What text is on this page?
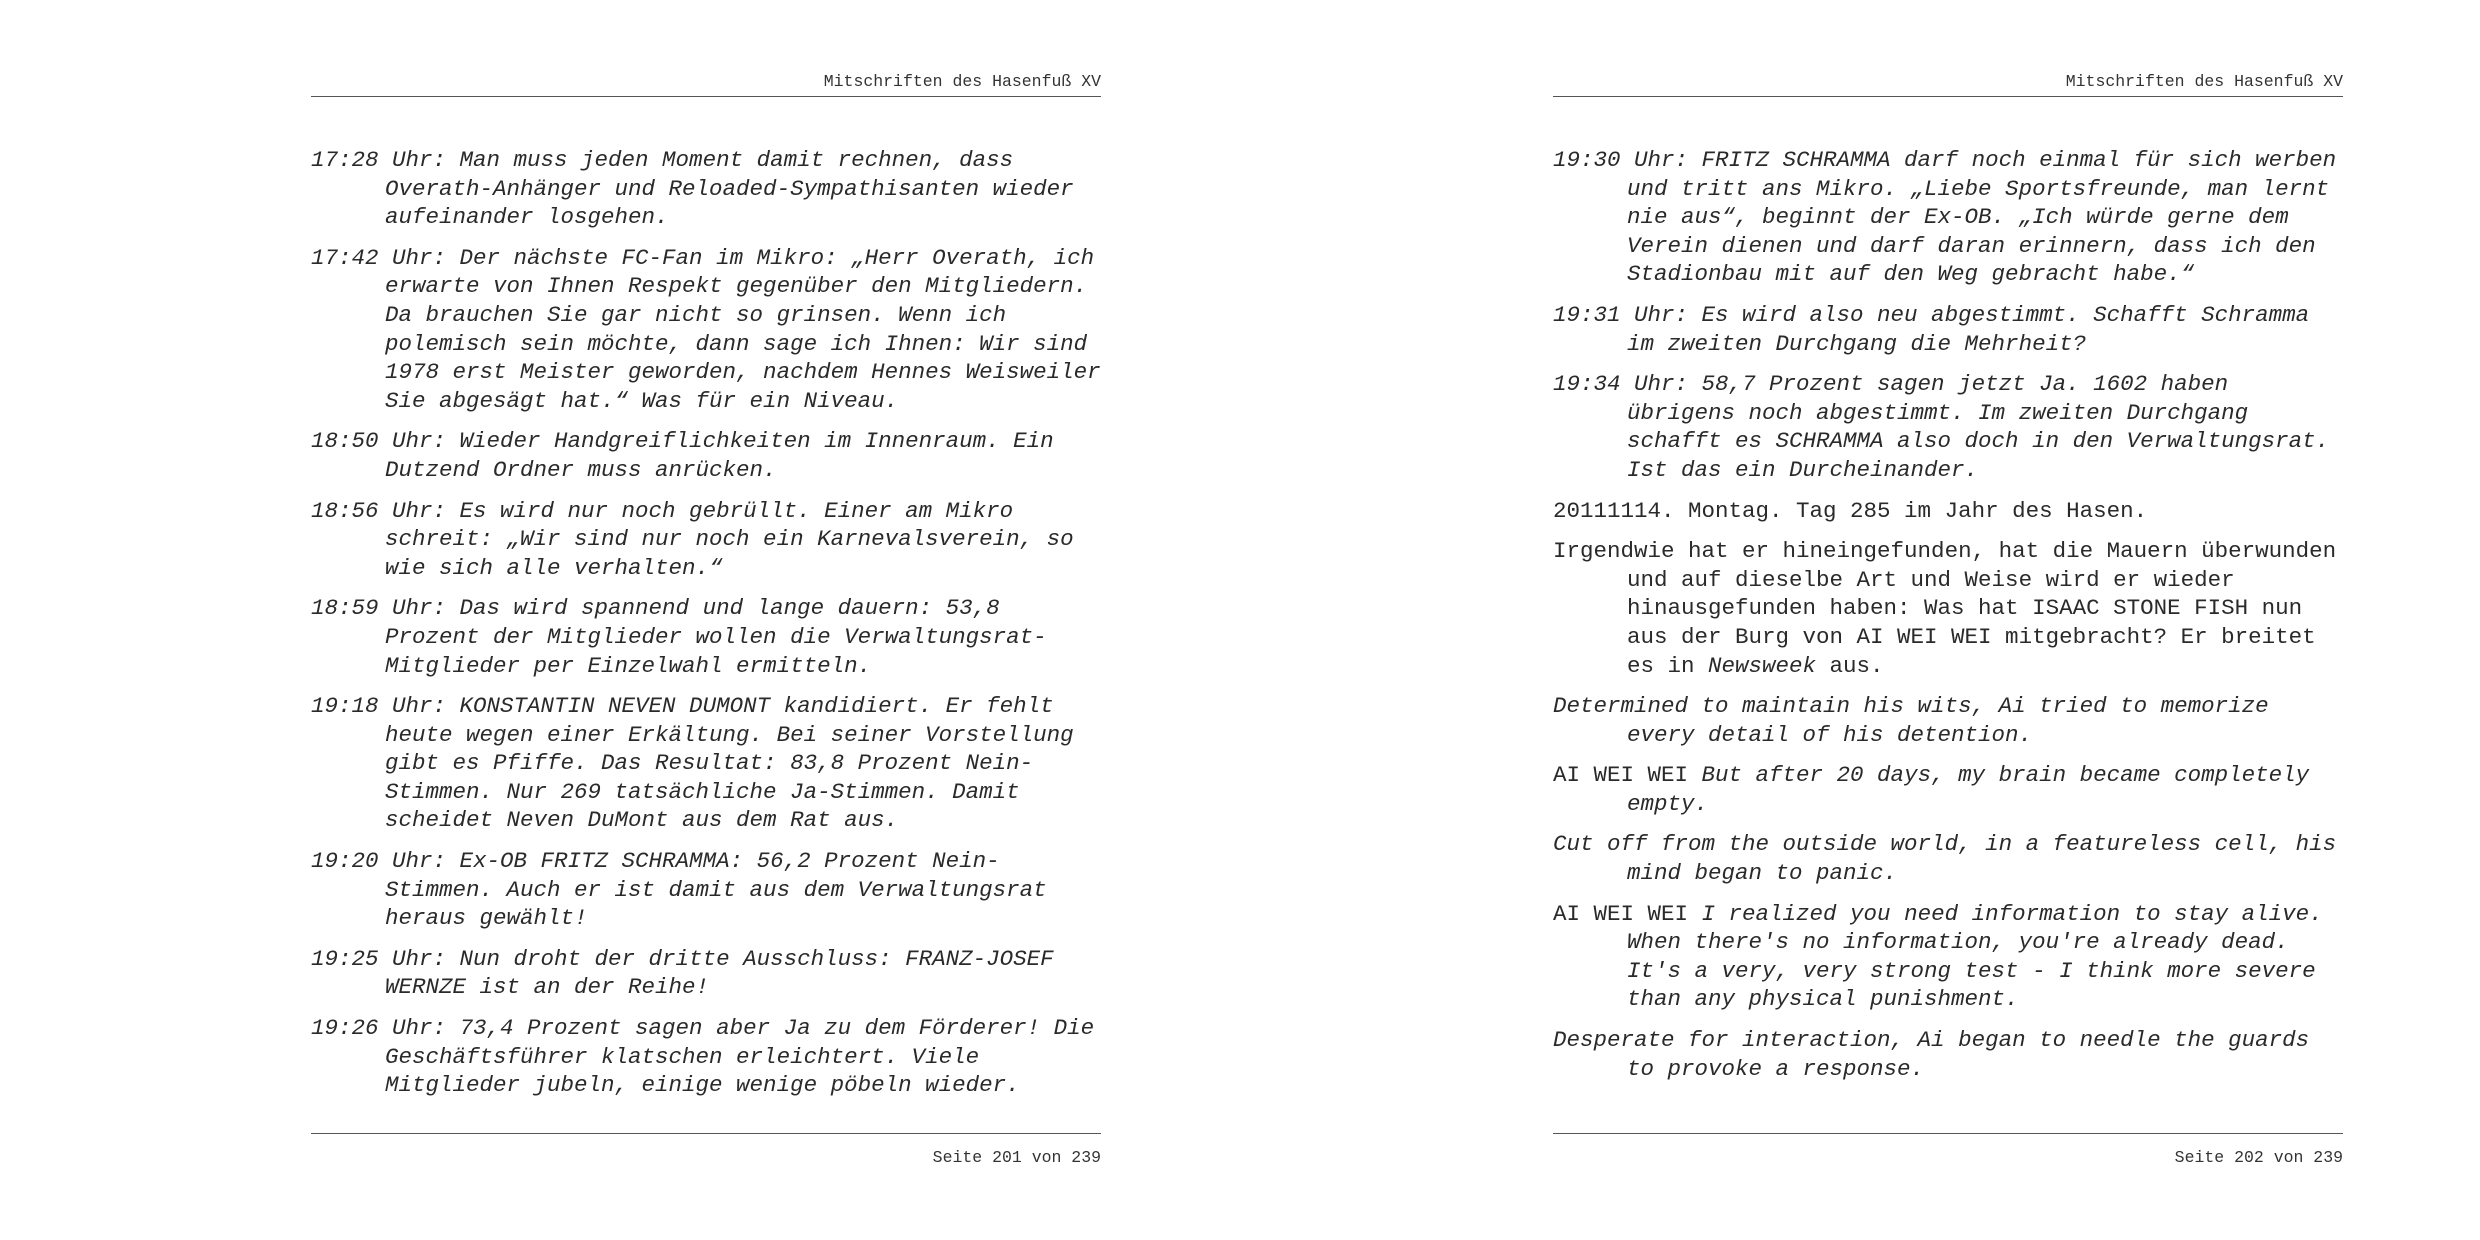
Mitschriften des Hasenfuß XV

17:28 Uhr: Man muss jeden Moment damit rechnen, dass Overath-Anhänger und Reloaded-Sympathisanten wieder aufeinander losgehen.

17:42 Uhr: Der nächste FC-Fan im Mikro: „Herr Overath, ich erwarte von Ihnen Respekt gegenüber den Mitgliedern. Da brauchen Sie gar nicht so grinsen. Wenn ich polemisch sein möchte, dann sage ich Ihnen: Wir sind 1978 erst Meister geworden, nachdem Hennes Weisweiler Sie abgesägt hat.“ Was für ein Niveau.

18:50 Uhr: Wieder Handgreiflichkeiten im Innenraum. Ein Dutzend Ordner muss anrücken.

18:56 Uhr: Es wird nur noch gebrüllt. Einer am Mikro schreit: „Wir sind nur noch ein Karnevalsverein, so wie sich alle verhalten.“

18:59 Uhr: Das wird spannend und lange dauern: 53,8 Prozent der Mitglieder wollen die Verwaltungsrat-Mitglieder per Einzelwahl ermitteln.

19:18 Uhr: KONSTANTIN NEVEN DUMONT kandidiert. Er fehlt heute wegen einer Erkältung. Bei seiner Vorstellung gibt es Pfiffe. Das Resultat: 83,8 Prozent Nein-Stimmen. Nur 269 tatsächliche Ja-Stimmen. Damit scheidet Neven DuMont aus dem Rat aus.

19:20 Uhr: Ex-OB FRITZ SCHRAMMA: 56,2 Prozent Nein-Stimmen. Auch er ist damit aus dem Verwaltungsrat heraus gewählt!

19:25 Uhr: Nun droht der dritte Ausschluss: FRANZ-JOSEF WERNZE ist an der Reihe!

19:26 Uhr: 73,4 Prozent sagen aber Ja zu dem Förderer! Die Geschäftsführer klatschen erleichtert. Viele Mitglieder jubeln, einige wenige pöbeln wieder.

Seite 201 von 239
Mitschriften des Hasenfuß XV

19:30 Uhr: FRITZ SCHRAMMA darf noch einmal für sich werben und tritt ans Mikro. „Liebe Sportsfreunde, man lernt nie aus“, beginnt der Ex-OB. „Ich würde gerne dem Verein dienen und darf daran erinnern, dass ich den Stadionbau mit auf den Weg gebracht habe.“

19:31 Uhr: Es wird also neu abgestimmt. Schafft Schramma im zweiten Durchgang die Mehrheit?

19:34 Uhr: 58,7 Prozent sagen jetzt Ja. 1602 haben übrigens noch abgestimmt. Im zweiten Durchgang schafft es SCHRAMMA also doch in den Verwaltungsrat. Ist das ein Durcheinander.

20111114. Montag. Tag 285 im Jahr des Hasen.

Irgendwie hat er hineingefunden, hat die Mauern überwunden und auf dieselbe Art und Weise wird er wieder hinausgefunden haben: Was hat ISAAC STONE FISH nun aus der Burg von AI WEI WEI mitgebracht? Er breitet es in Newsweek aus.

Determined to maintain his wits, Ai tried to memorize every detail of his detention.

AI WEI WEI But after 20 days, my brain became completely empty.

Cut off from the outside world, in a featureless cell, his mind began to panic.

AI WEI WEI I realized you need information to stay alive. When there's no information, you're already dead. It's a very, very strong test - I think more severe than any physical punishment.

Desperate for interaction, Ai began to needle the guards to provoke a response.

Seite 202 von 239
